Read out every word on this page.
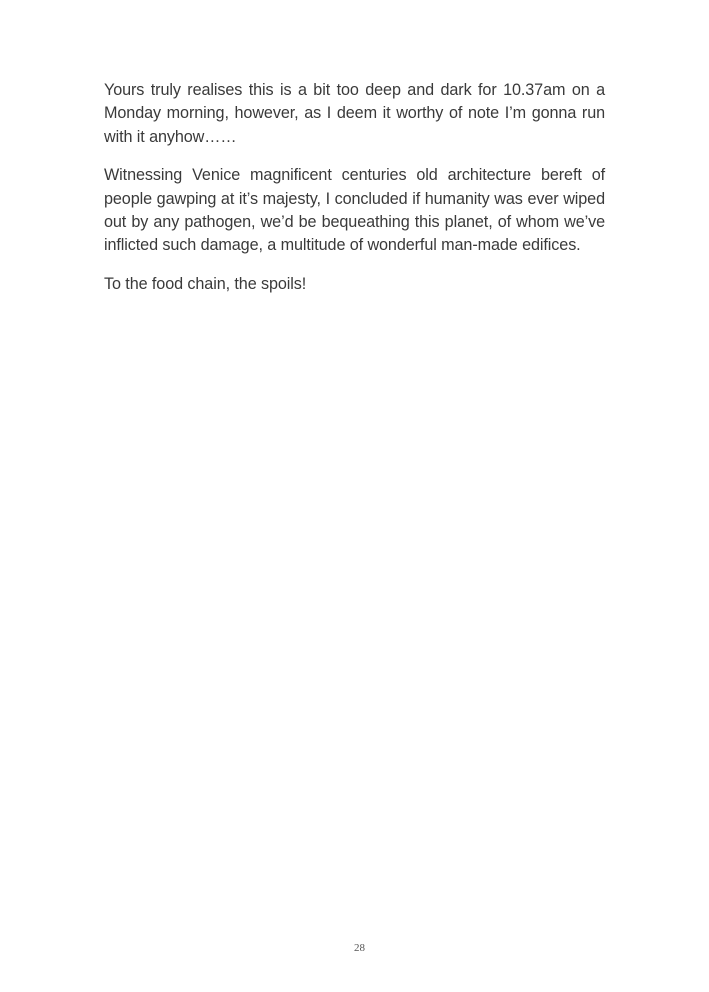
Yours truly realises this is a bit too deep and dark for 10.37am on a Monday morning, however, as I deem it worthy of note I’m gonna run with it anyhow……

Witnessing Venice magnificent centuries old architecture bereft of people gawping at it’s majesty, I concluded if humanity was ever wiped out by any pathogen, we’d be bequeathing this planet, of whom we’ve inflicted such damage, a multitude of wonderful man-made edifices.

To the food chain, the spoils!

28
